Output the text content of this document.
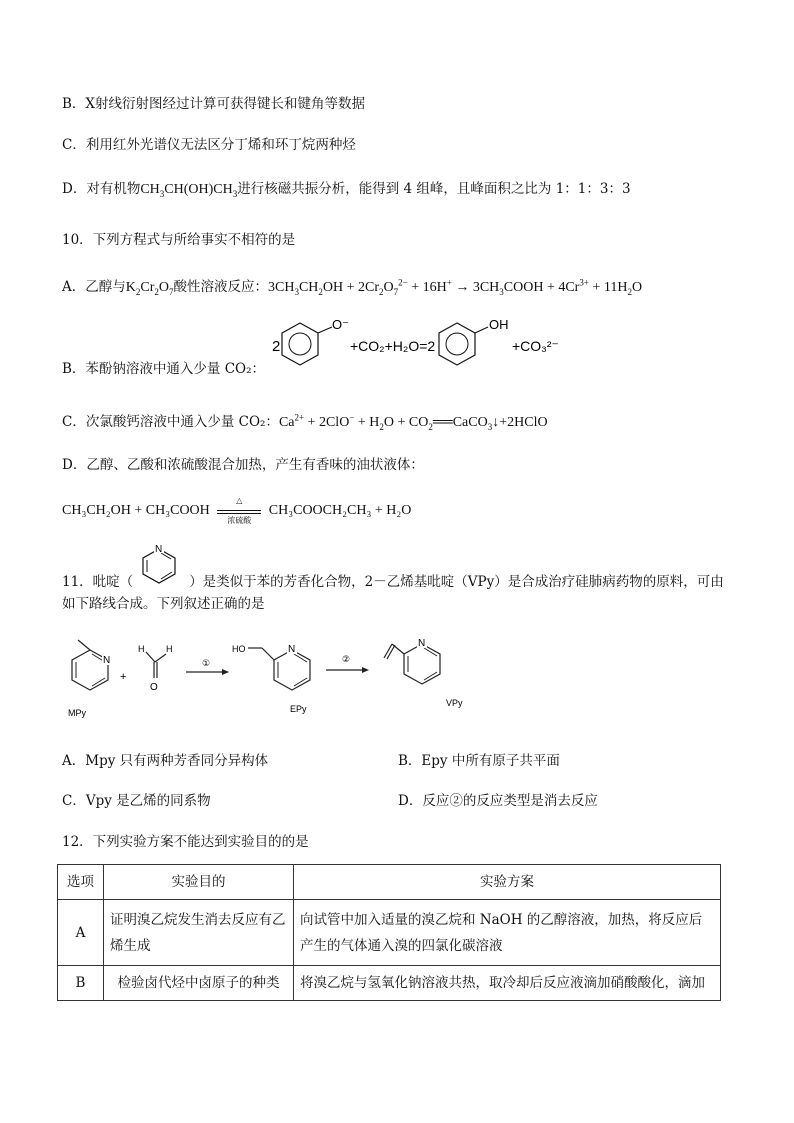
B．X射线衍射图经过计算可获得键长和键角等数据
C．利用红外光谱仪无法区分丁烯和环丁烷两种烃
D．对有机物$CH_3CH(OH)CH_3$进行核磁共振分析，能得到 4 组峰，且峰面积之比为 1：1：3：3
10．下列方程式与所给事实不相符的是
A．乙醇与$K_2Cr_2O_7$酸性溶液反应：$3CH_3CH_2OH + 2Cr_2O_7^{2-} + 16H^+$ → $3CH_3COOH + 4Cr^{3+} + 11H_2O$
B．苯酚钠溶液中通入少量 CO₂：
2
O⁻
+CO₂+H₂O=2
OH
+CO₃²⁻
C．次氯酸钙溶液中通入少量 CO₂：$Ca^{2+} + 2ClO^- + H_2O$ + $CO_2══CaCO_3↓+2HClO$
D．乙醇、乙酸和浓硫酸混合加热，产生有香味的油状液体：
CH₃CH₂OH + CH₃COOH
△
浓硫酸
CH₃COOCH₂CH₃ + H₂O
11．吡啶（	）是类似于苯的芳香化合物，2－乙烯基吡啶（VPy）是合成治疗硅肺病药物的原料，可由
N
如下路线合成。下列叙述正确的是
N
MPy
+
O
H H
①
HO	N
EPy
②
N
VPy
A．Mpy 只有两种芳香同分异构体	B．Epy 中所有原子共平面
C．Vpy 是乙烯的同系物	D．反应②的反应类型是消去反应
12．下列实验方案不能达到实验目的的是
选项	实验目的	实验方案
A	证明溴乙烷发生消去反应有乙烯生成	向试管中加入适量的溴乙烷和 NaOH 的乙醇溶液，加热，将反应后产生的气体通入溴的四氯化碳溶液
B	检验卤代烃中卤原子的种类	将溴乙烷与氢氧化钠溶液共热，取冷却后反应液滴加硝酸酸化，滴加
